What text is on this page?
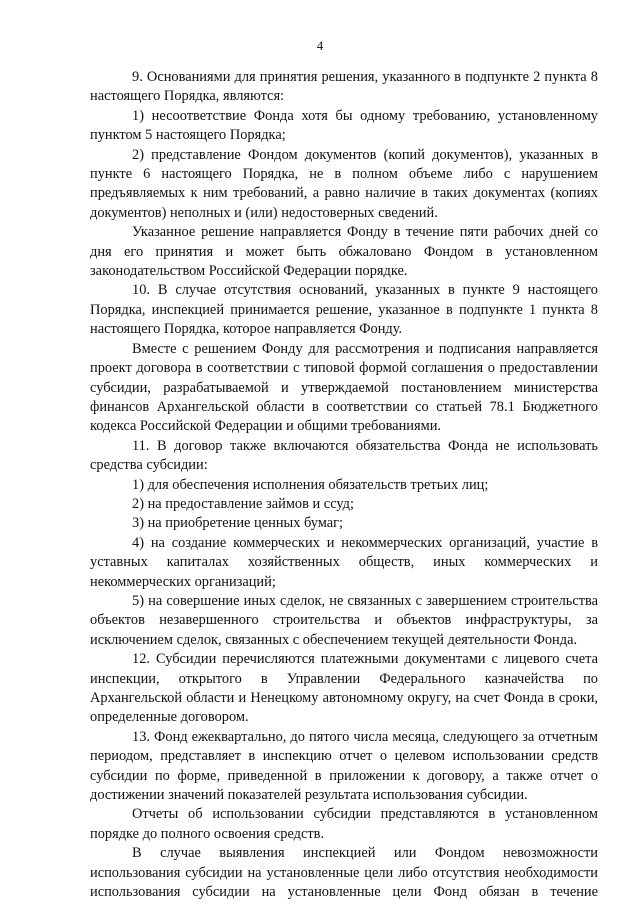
4

9. Основаниями для принятия решения, указанного в подпункте 2 пункта 8 настоящего Порядка, являются:

1) несоответствие Фонда хотя бы одному требованию, установленному пунктом 5 настоящего Порядка;

2) представление Фондом документов (копий документов), указанных в пункте 6 настоящего Порядка, не в полном объеме либо с нарушением предъявляемых к ним требований, а равно наличие в таких документах (копиях документов) неполных и (или) недостоверных сведений.

Указанное решение направляется Фонду в течение пяти рабочих дней со дня его принятия и может быть обжаловано Фондом в установленном законодательством Российской Федерации порядке.

10. В случае отсутствия оснований, указанных в пункте 9 настоящего Порядка, инспекцией принимается решение, указанное в подпункте 1 пункта 8 настоящего Порядка, которое направляется Фонду.

Вместе с решением Фонду для рассмотрения и подписания направляется проект договора в соответствии с типовой формой соглашения о предоставлении субсидии, разрабатываемой и утверждаемой постановлением министерства финансов Архангельской области в соответствии со статьей 78.1 Бюджетного кодекса Российской Федерации и общими требованиями.

11. В договор также включаются обязательства Фонда не использовать средства субсидии:

1) для обеспечения исполнения обязательств третьих лиц;

2) на предоставление займов и ссуд;

3) на приобретение ценных бумаг;

4) на создание коммерческих и некоммерческих организаций, участие в уставных капиталах хозяйственных обществ, иных коммерческих и некоммерческих организаций;

5) на совершение иных сделок, не связанных с завершением строительства объектов незавершенного строительства и объектов инфраструктуры, за исключением сделок, связанных с обеспечением текущей деятельности Фонда.

12. Субсидии перечисляются платежными документами с лицевого счета инспекции, открытого в Управлении Федерального казначейства по Архангельской области и Ненецкому автономному округу, на счет Фонда в сроки, определенные договором.

13. Фонд ежеквартально, до пятого числа месяца, следующего за отчетным периодом, представляет в инспекцию отчет о целевом использовании средств субсидии по форме, приведенной в приложении к договору, а также отчет о достижении значений показателей результата использования субсидии.

Отчеты об использовании субсидии представляются в установленном порядке до полного освоения средств.

В случае выявления инспекцией или Фондом невозможности использования субсидии на установленные цели либо отсутствия необходимости использования субсидии на установленные цели Фонд обязан в течение
